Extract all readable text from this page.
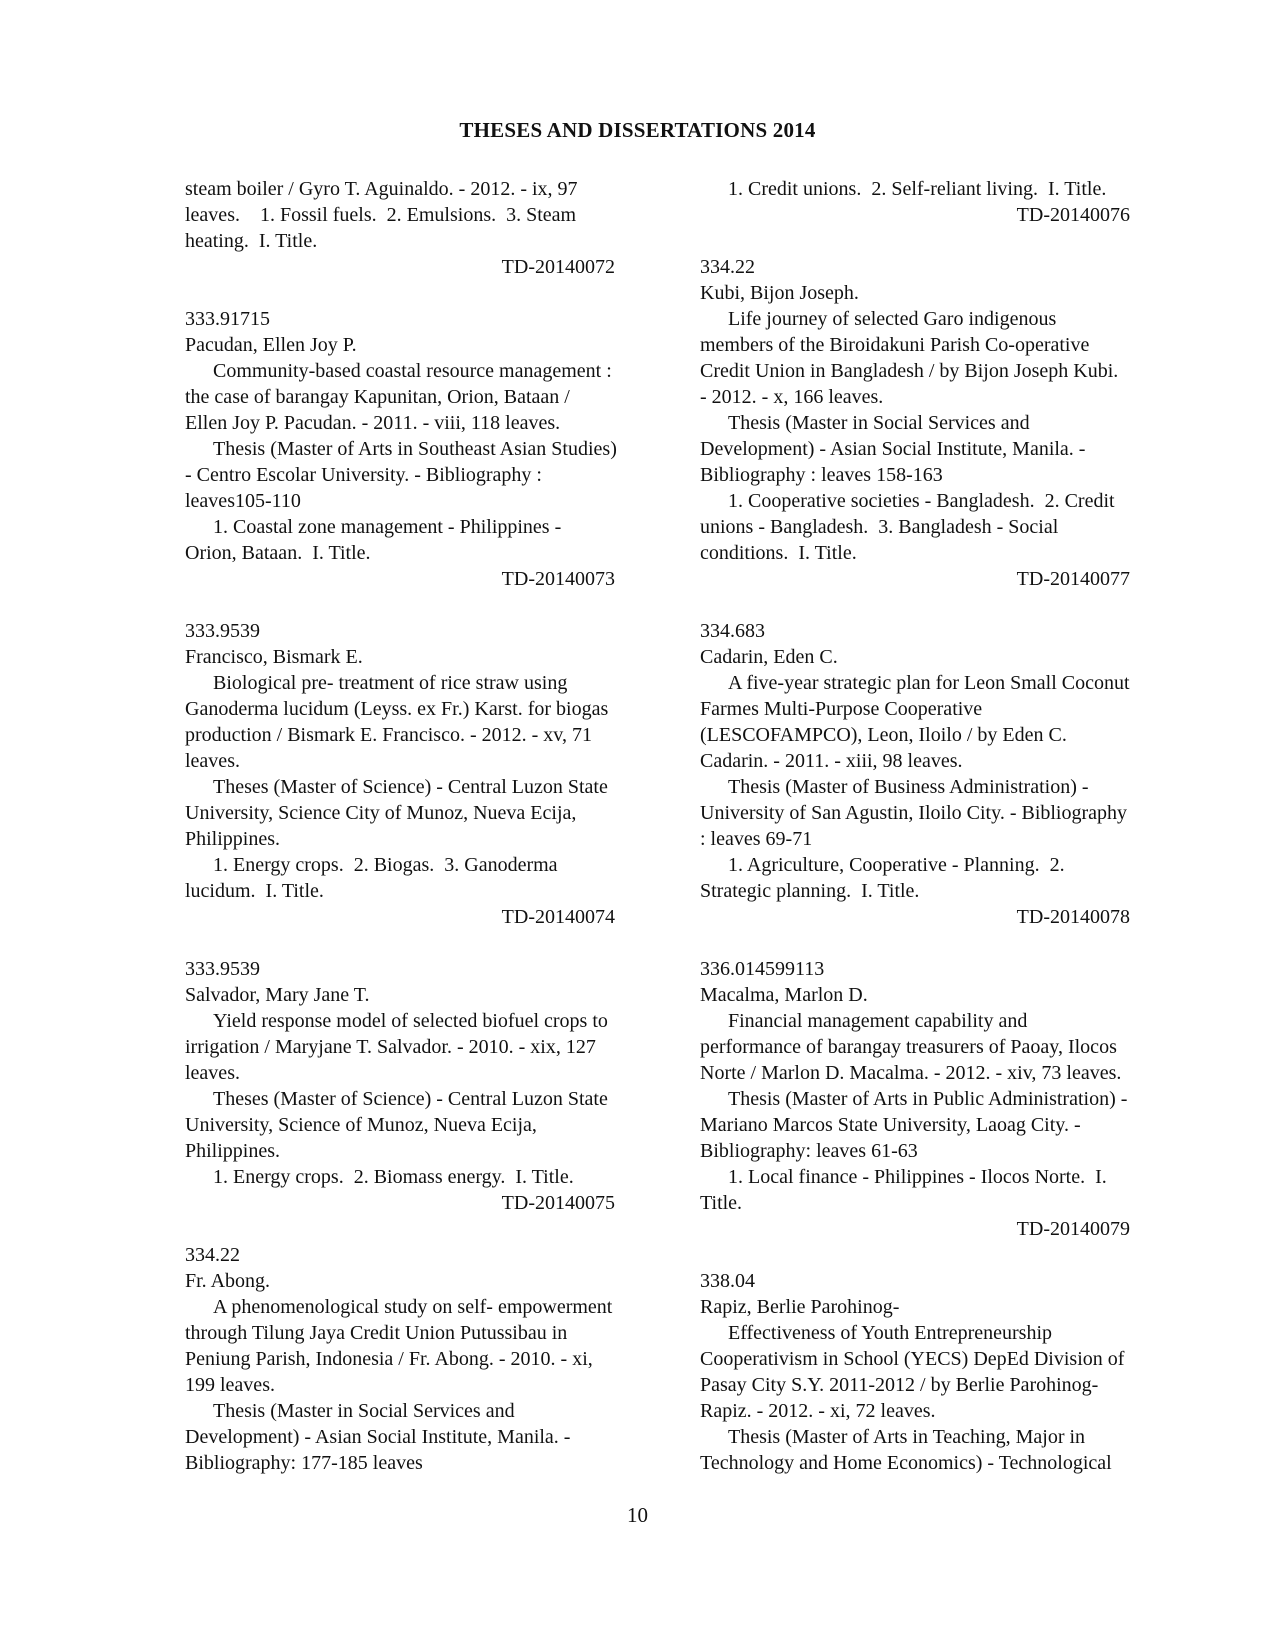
THESES AND DISSERTATIONS 2014
steam boiler / Gyro T. Aguinaldo. - 2012. - ix, 97
leaves.    1. Fossil fuels.  2. Emulsions.  3. Steam
heating.  I. Title.
TD-20140072
333.91715
Pacudan, Ellen Joy P.
Community-based coastal resource management :
the case of barangay Kapunitan, Orion, Bataan /
Ellen Joy P. Pacudan. - 2011. - viii, 118 leaves.
Thesis (Master of Arts in Southeast Asian Studies)
- Centro Escolar University. - Bibliography :
leaves105-110
1. Coastal zone management - Philippines -
Orion, Bataan.  I. Title.
TD-20140073
333.9539
Francisco, Bismark E.
Biological pre- treatment of rice straw using
Ganoderma lucidum (Leyss. ex Fr.) Karst. for biogas
production / Bismark E. Francisco. - 2012. - xv, 71
leaves.
Theses (Master of Science) - Central Luzon State
University, Science City of Munoz, Nueva Ecija,
Philippines.
1. Energy crops.  2. Biogas.  3. Ganoderma
lucidum.  I. Title.
TD-20140074
333.9539
Salvador, Mary Jane T.
Yield response model of selected biofuel crops to
irrigation / Maryjane T. Salvador. - 2010. - xix, 127
leaves.
Theses (Master of Science) - Central Luzon State
University, Science of Munoz, Nueva Ecija,
Philippines.
1. Energy crops.  2. Biomass energy.  I. Title.
TD-20140075
334.22
Fr. Abong.
A phenomenological study on self- empowerment
through Tilung Jaya Credit Union Putussibau in
Peniung Parish, Indonesia / Fr. Abong. - 2010. - xi,
199 leaves.
Thesis (Master in Social Services and
Development) - Asian Social Institute, Manila. -
Bibliography: 177-185 leaves
1. Credit unions.  2. Self-reliant living.  I. Title.
TD-20140076
334.22
Kubi, Bijon Joseph.
Life journey of selected Garo indigenous
members of the Biroidakuni Parish Co-operative
Credit Union in Bangladesh / by Bijon Joseph Kubi.
- 2012. - x, 166 leaves.
Thesis (Master in Social Services and
Development) - Asian Social Institute, Manila. -
Bibliography : leaves 158-163
1. Cooperative societies - Bangladesh.  2. Credit
unions - Bangladesh.  3. Bangladesh - Social
conditions.  I. Title.
TD-20140077
334.683
Cadarin, Eden C.
A five-year strategic plan for Leon Small Coconut
Farmes Multi-Purpose Cooperative
(LESCOFAMPCO), Leon, Iloilo / by Eden C.
Cadarin. - 2011. - xiii, 98 leaves.
Thesis (Master of Business Administration) -
University of San Agustin, Iloilo City. - Bibliography
: leaves 69-71
1. Agriculture, Cooperative - Planning.  2.
Strategic planning.  I. Title.
TD-20140078
336.014599113
Macalma, Marlon D.
Financial management capability and
performance of barangay treasurers of Paoay, Ilocos
Norte / Marlon D. Macalma. - 2012. - xiv, 73 leaves.
Thesis (Master of Arts in Public Administration) -
Mariano Marcos State University, Laoag City. -
Bibliography: leaves 61-63
1. Local finance - Philippines - Ilocos Norte.  I.
Title.
TD-20140079
338.04
Rapiz, Berlie Parohinog-
Effectiveness of Youth Entrepreneurship
Cooperativism in School (YECS) DepEd Division of
Pasay City S.Y. 2011-2012 / by Berlie Parohinog-
Rapiz. - 2012. - xi, 72 leaves.
Thesis (Master of Arts in Teaching, Major in
Technology and Home Economics) - Technological
10
